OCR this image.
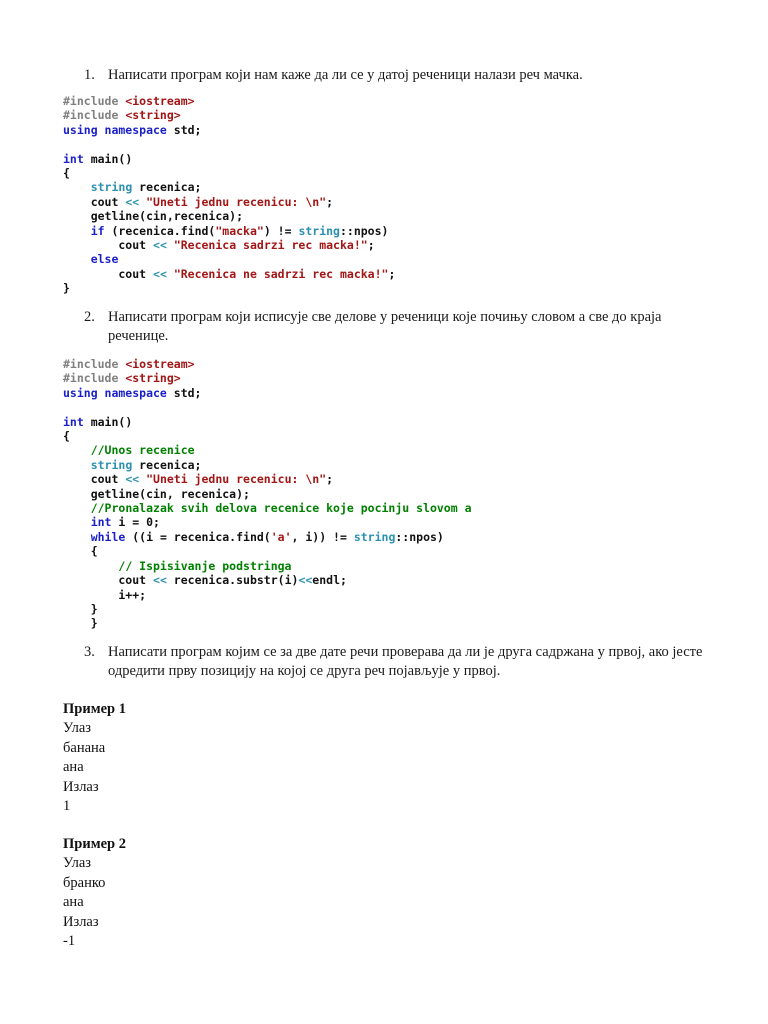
1. Написати програм који нам каже да ли се у датој реченици налази реч мачка.
#include <iostream>
#include <string>
using namespace std;

int main()
{
string recenica;
cout << "Uneti jednu recenicu: \n";
getline(cin,recenica);
if (recenica.find("macka") != string::npos)
cout << "Recenica sadrzi rec macka!";
else
cout << "Recenica ne sadrzi rec macka!";
}
2. Написати програм који исписује све делове у реченици које почињу словом а све до краја реченице.
#include <iostream>
#include <string>
using namespace std;

int main()
{
//Unos recenice
string recenica;
cout << "Uneti jednu recenicu: \n";
getline(cin, recenica);
//Pronalazak svih delova recenice koje pocinju slovom a
int i = 0;
while ((i = recenica.find('a', i)) != string::npos)
{
// Ispisivanje podstringa
cout << recenica.substr(i)<<endl;
i++;
}
}
3. Написати програм којим се за две дате речи проверава да ли је друга садржана у првој, ако јесте одредити прву позицију на којој се друга реч појављује у првој.
Пример 1
Улаз
банана
ана
Излаз
1
Пример 2
Улаз
бранко
ана
Излаз
-1
